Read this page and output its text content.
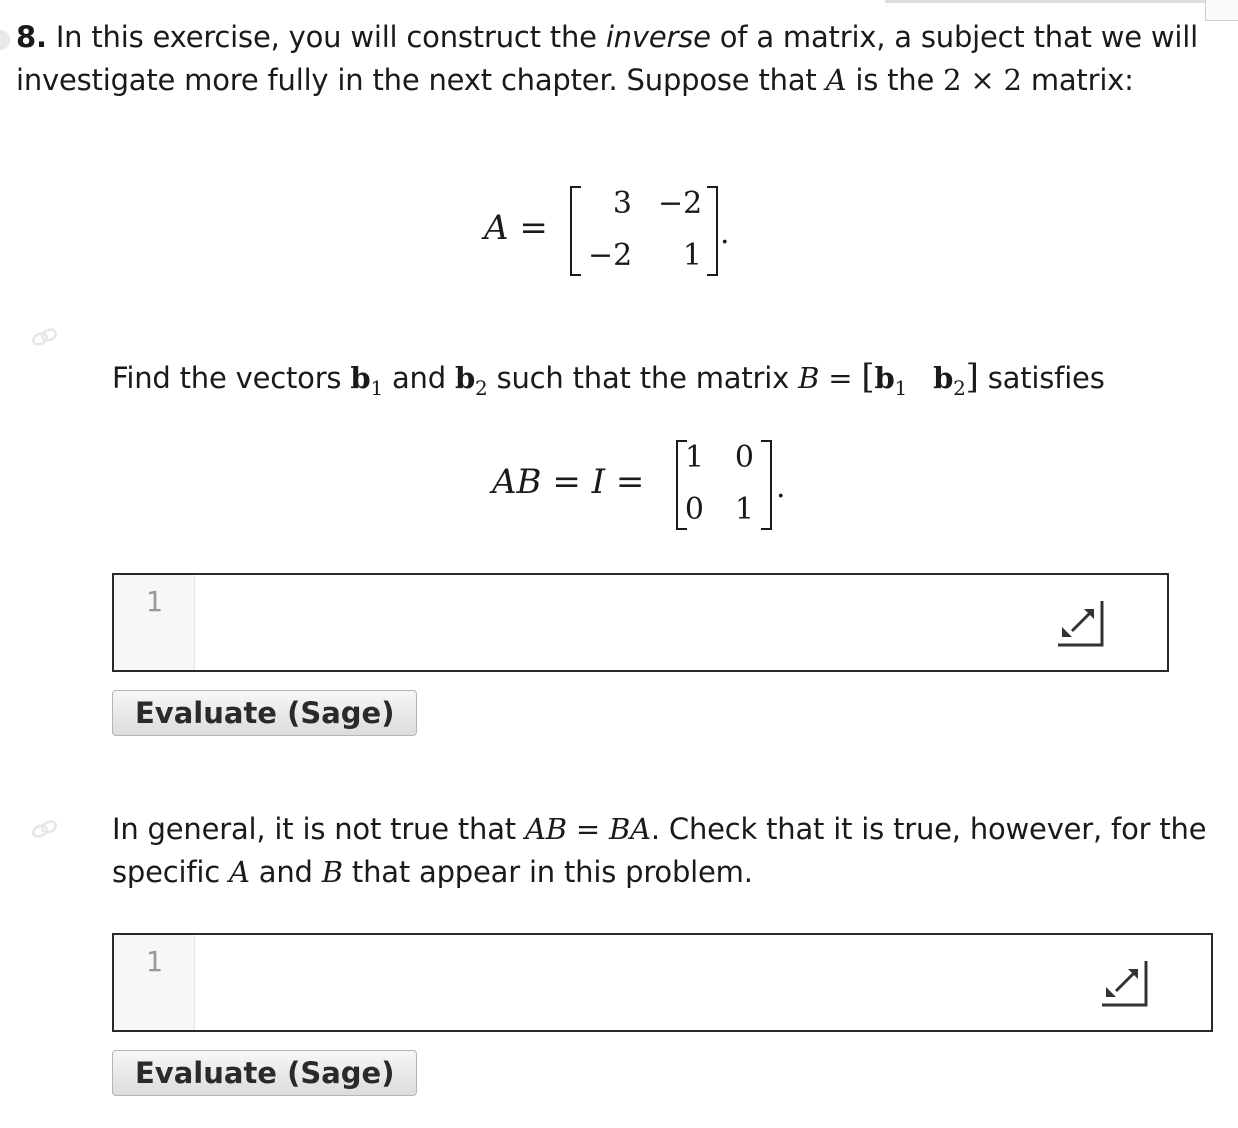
8. In this exercise, you will construct the inverse of a matrix, a subject that we will investigate more fully in the next chapter. Suppose that A is the 2 × 2 matrix:
A =
3 −2
−2	1
.
Find the vectors $b_1$ and $b_2$ such that the matrix $B = [b_1$ $b_2$] satisfies
AB = I =
1	0
0	1
.
1
Evaluate (Sage)
In general, it is not true that AB = BA. Check that it is true, however, for the specific A and B that appear in this problem.
1
Evaluate (Sage)
